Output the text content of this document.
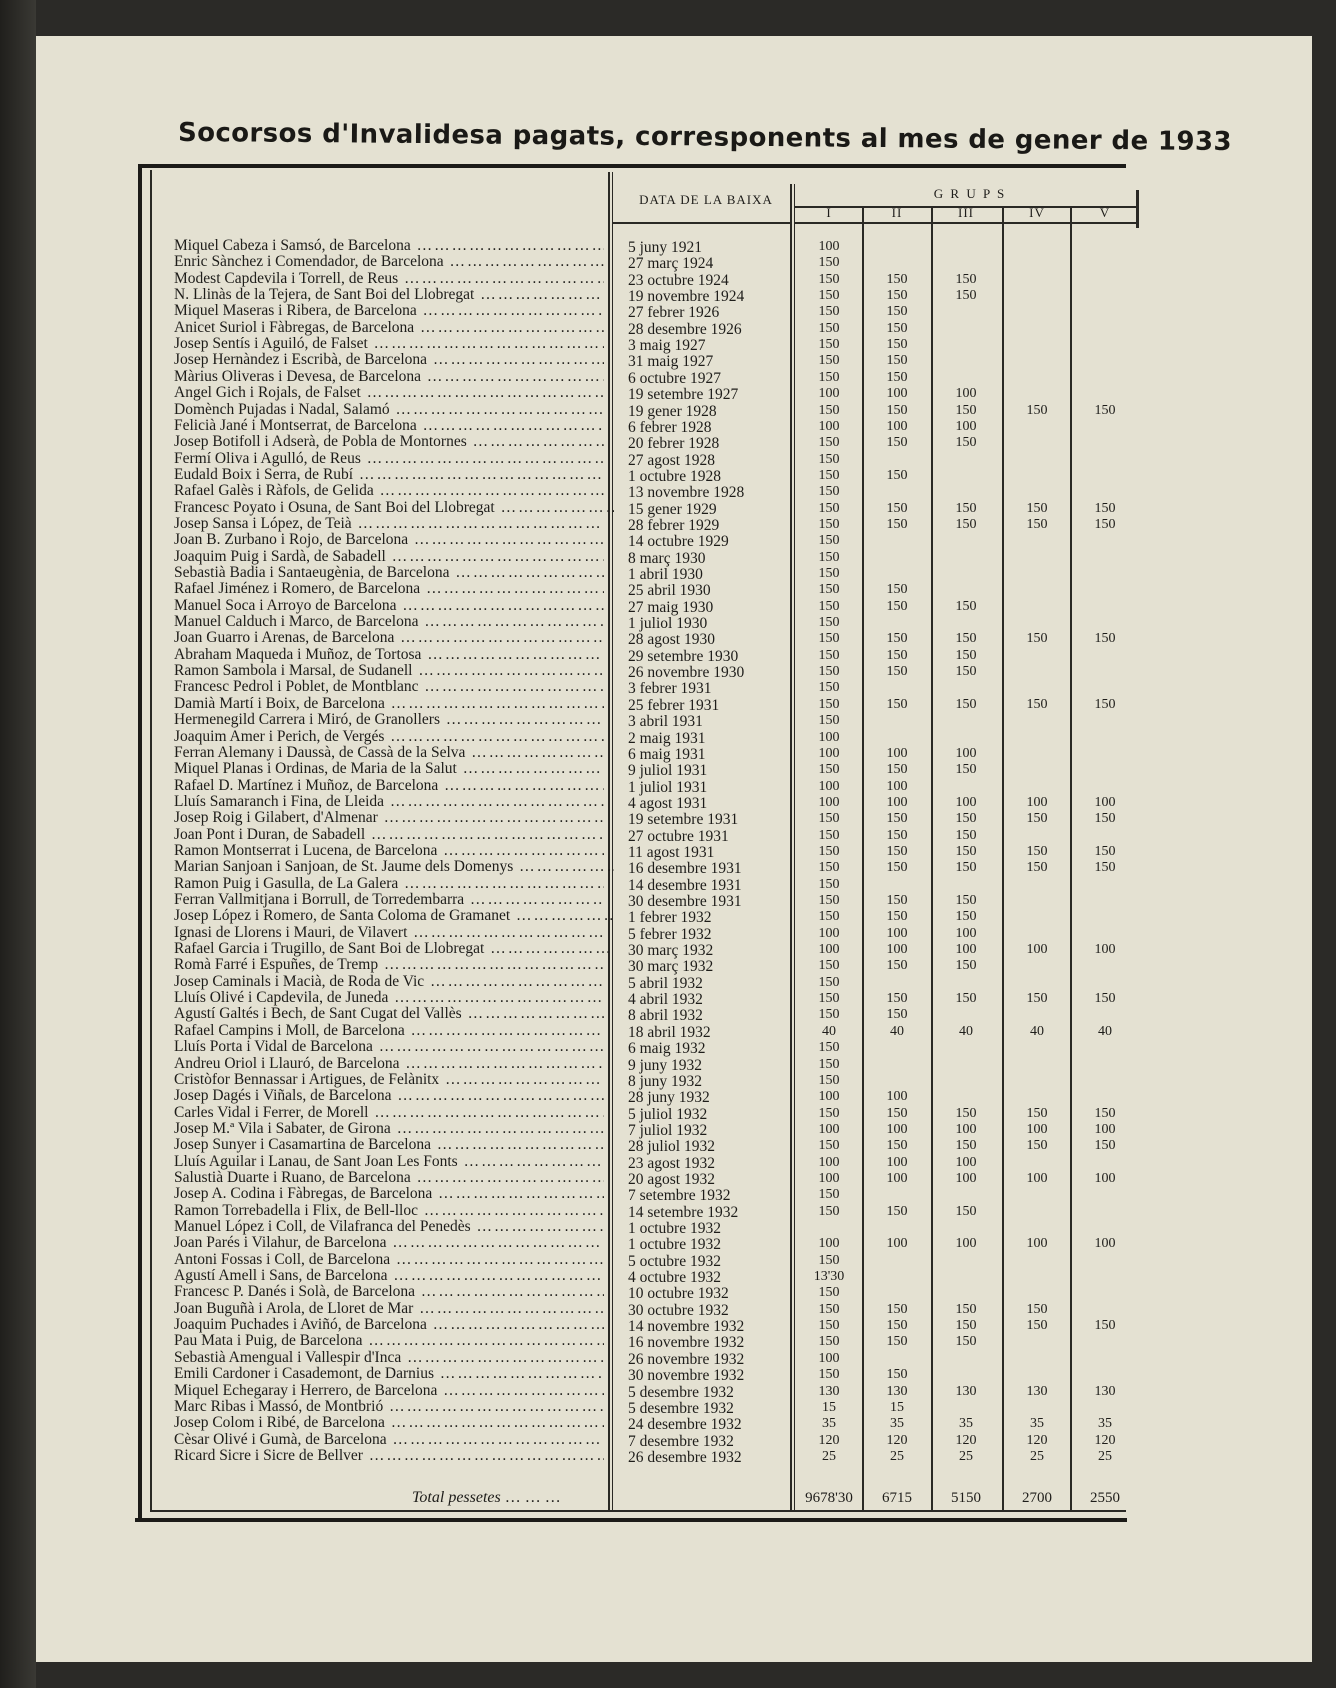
Socorsos d'Invalidesa pagats, corresponents al mes de gener de 1933
DATA DE LA BAIXA	G R U P S
I	II	III	IV	V
Miquel Cabeza i Samsó, de Barcelona ……………………………………………………………………………………………………	5 juny 1921	100
Enric Sànchez i Comendador, de Barcelona ……………………………………………………………………………………………………	27 març 1924	150
Modest Capdevila i Torrell, de Reus ……………………………………………………………………………………………………	23 octubre 1924	150	150	150
N. Llinàs de la Tejera, de Sant Boi del Llobregat ……………………………………………………………………………………………………	19 novembre 1924	150	150	150
Miquel Maseras i Ribera, de Barcelona ……………………………………………………………………………………………………	27 febrer 1926	150	150
Anicet Suriol i Fàbregas, de Barcelona ……………………………………………………………………………………………………	28 desembre 1926	150	150
Josep Sentís i Aguiló, de Falset ……………………………………………………………………………………………………	3 maig 1927	150	150
Josep Hernàndez i Escribà, de Barcelona ……………………………………………………………………………………………………	31 maig 1927	150	150
Màrius Oliveras i Devesa, de Barcelona ……………………………………………………………………………………………………	6 octubre 1927	150	150
Angel Gich i Rojals, de Falset ……………………………………………………………………………………………………	19 setembre 1927	100	100	100
Domènch Pujadas i Nadal, Salamó ……………………………………………………………………………………………………	19 gener 1928	150	150	150	150	150
Felicià Jané i Montserrat, de Barcelona ……………………………………………………………………………………………………	6 febrer 1928	100	100	100
Josep Botifoll i Adserà, de Pobla de Montornes ……………………………………………………………………………………………………	20 febrer 1928	150	150	150
Fermí Oliva i Agulló, de Reus ……………………………………………………………………………………………………	27 agost 1928	150
Eudald Boix i Serra, de Rubí ……………………………………………………………………………………………………	1 octubre 1928	150	150
Rafael Galès i Ràfols, de Gelida ……………………………………………………………………………………………………	13 novembre 1928	150
Francesc Poyato i Osuna, de Sant Boi del Llobregat ……………………………………………………………………………………………………	15 gener 1929	150	150	150	150	150
Josep Sansa i López, de Teià ……………………………………………………………………………………………………	28 febrer 1929	150	150	150	150	150
Joan B. Zurbano i Rojo, de Barcelona ……………………………………………………………………………………………………	14 octubre 1929	150
Joaquim Puig i Sardà, de Sabadell ……………………………………………………………………………………………………	8 març 1930	150
Sebastià Badia i Santaeugènia, de Barcelona ……………………………………………………………………………………………………	1 abril 1930	150
Rafael Jiménez i Romero, de Barcelona ……………………………………………………………………………………………………	25 abril 1930	150	150
Manuel Soca i Arroyo de Barcelona ……………………………………………………………………………………………………	27 maig 1930	150	150	150
Manuel Calduch i Marco, de Barcelona ……………………………………………………………………………………………………	1 juliol 1930	150
Joan Guarro i Arenas, de Barcelona ……………………………………………………………………………………………………	28 agost 1930	150	150	150	150	150
Abraham Maqueda i Muñoz, de Tortosa ……………………………………………………………………………………………………	29 setembre 1930	150	150	150
Ramon Sambola i Marsal, de Sudanell ……………………………………………………………………………………………………	26 novembre 1930	150	150	150
Francesc Pedrol i Poblet, de Montblanc ……………………………………………………………………………………………………	3 febrer 1931	150
Damià Martí i Boix, de Barcelona ……………………………………………………………………………………………………	25 febrer 1931	150	150	150	150	150
Hermenegild Carrera i Miró, de Granollers ……………………………………………………………………………………………………	3 abril 1931	150
Joaquim Amer i Perich, de Vergés ……………………………………………………………………………………………………	2 maig 1931	100
Ferran Alemany i Daussà, de Cassà de la Selva ……………………………………………………………………………………………………	6 maig 1931	100	100	100
Miquel Planas i Ordinas, de Maria de la Salut ……………………………………………………………………………………………………	9 juliol 1931	150	150	150
Rafael D. Martínez i Muñoz, de Barcelona ……………………………………………………………………………………………………	1 juliol 1931	100	100
Lluís Samaranch i Fina, de Lleida ……………………………………………………………………………………………………	4 agost 1931	100	100	100	100	100
Josep Roig i Gilabert, d'Almenar ……………………………………………………………………………………………………	19 setembre 1931	150	150	150	150	150
Joan Pont i Duran, de Sabadell ……………………………………………………………………………………………………	27 octubre 1931	150	150	150
Ramon Montserrat i Lucena, de Barcelona ……………………………………………………………………………………………………	11 agost 1931	150	150	150	150	150
Marian Sanjoan i Sanjoan, de St. Jaume dels Domenys ……………………………………………………………………………………………………	16 desembre 1931	150	150	150	150	150
Ramon Puig i Gasulla, de La Galera ……………………………………………………………………………………………………	14 desembre 1931	150
Ferran Vallmitjana i Borrull, de Torredembarra ……………………………………………………………………………………………………	30 desembre 1931	150	150	150
Josep López i Romero, de Santa Coloma de Gramanet ……………………………………………………………………………………………………	1 febrer 1932	150	150	150
Ignasi de Llorens i Mauri, de Vilavert ……………………………………………………………………………………………………	5 febrer 1932	100	100	100
Rafael Garcia i Trugillo, de Sant Boi de Llobregat ……………………………………………………………………………………………………	30 març 1932	100	100	100	100	100
Romà Farré i Espuñes, de Tremp ……………………………………………………………………………………………………	30 març 1932	150	150	150
Josep Caminals i Macià, de Roda de Vic ……………………………………………………………………………………………………	5 abril 1932	150
Lluís Olivé i Capdevila, de Juneda ……………………………………………………………………………………………………	4 abril 1932	150	150	150	150	150
Agustí Galtés i Bech, de Sant Cugat del Vallès ……………………………………………………………………………………………………	8 abril 1932	150	150
Rafael Campins i Moll, de Barcelona ……………………………………………………………………………………………………	18 abril 1932	40	40	40	40	40
Lluís Porta i Vidal de Barcelona ……………………………………………………………………………………………………	6 maig 1932	150
Andreu Oriol i Llauró, de Barcelona ……………………………………………………………………………………………………	9 juny 1932	150
Cristòfor Bennassar i Artigues, de Felànitx ……………………………………………………………………………………………………	8 juny 1932	150
Josep Dagés i Viñals, de Barcelona ……………………………………………………………………………………………………	28 juny 1932	100	100
Carles Vidal i Ferrer, de Morell ……………………………………………………………………………………………………	5 juliol 1932	150	150	150	150	150
Josep M.ª Vila i Sabater, de Girona ……………………………………………………………………………………………………	7 juliol 1932	100	100	100	100	100
Josep Sunyer i Casamartina de Barcelona ……………………………………………………………………………………………………	28 juliol 1932	150	150	150	150	150
Lluís Aguilar i Lanau, de Sant Joan Les Fonts ……………………………………………………………………………………………………	23 agost 1932	100	100	100
Salustià Duarte i Ruano, de Barcelona ……………………………………………………………………………………………………	20 agost 1932	100	100	100	100	100
Josep A. Codina i Fàbregas, de Barcelona ……………………………………………………………………………………………………	7 setembre 1932	150
Ramon Torrebadella i Flix, de Bell-lloc ……………………………………………………………………………………………………	14 setembre 1932	150	150	150
Manuel López i Coll, de Vilafranca del Penedès ……………………………………………………………………………………………………	1 octubre 1932
Joan Parés i Vilahur, de Barcelona ……………………………………………………………………………………………………	1 octubre 1932	100	100	100	100	100
Antoni Fossas i Coll, de Barcelona ……………………………………………………………………………………………………	5 octubre 1932	150
Agustí Amell i Sans, de Barcelona ……………………………………………………………………………………………………	4 octubre 1932	13'30
Francesc P. Danés i Solà, de Barcelona ……………………………………………………………………………………………………	10 octubre 1932	150
Joan Buguñà i Arola, de Lloret de Mar ……………………………………………………………………………………………………	30 octubre 1932	150	150	150	150
Joaquim Puchades i Aviñó, de Barcelona ……………………………………………………………………………………………………	14 novembre 1932	150	150	150	150	150
Pau Mata i Puig, de Barcelona ……………………………………………………………………………………………………	16 novembre 1932	150	150	150
Sebastià Amengual i Vallespir d'Inca ……………………………………………………………………………………………………	26 novembre 1932	100
Emili Cardoner i Casademont, de Darnius ……………………………………………………………………………………………………	30 novembre 1932	150	150
Miquel Echegaray i Herrero, de Barcelona ……………………………………………………………………………………………………	5 desembre 1932	130	130	130	130	130
Marc Ribas i Massó, de Montbrió ……………………………………………………………………………………………………	5 desembre 1932	15	15
Josep Colom i Ribé, de Barcelona ……………………………………………………………………………………………………	24 desembre 1932	35	35	35	35	35
Cèsar Olivé i Gumà, de Barcelona ……………………………………………………………………………………………………	7 desembre 1932	120	120	120	120	120
Ricard Sicre i Sicre de Bellver ……………………………………………………………………………………………………	26 desembre 1932	25	25	25	25	25
Total pessetes … … …	9678'30	6715	5150	2700	2550
